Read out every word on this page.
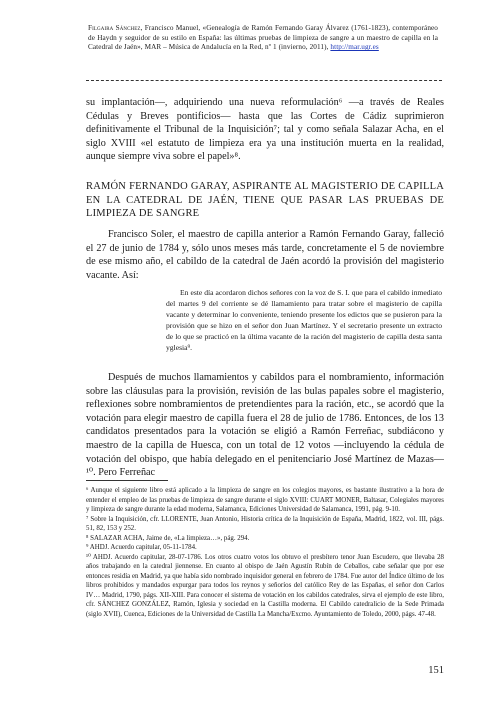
Filgaira Sánchez, Francisco Manuel, «Genealogía de Ramón Fernando Garay Álvarez (1761-1823), contemporáneo de Haydn y seguidor de su estilo en España: las últimas pruebas de limpieza de sangre a un maestro de capilla en la Catedral de Jaén», MAR – Música de Andalucía en la Red, nº 1 (invierno, 2011), http://mar.ugr.es
su implantación—, adquiriendo una nueva reformulación⁶ —a través de Reales Cédulas y Breves pontificios— hasta que las Cortes de Cádiz suprimieron definitivamente el Tribunal de la Inquisición⁷; tal y como señala Salazar Acha, en el siglo XVIII «el estatuto de limpieza era ya una institución muerta en la realidad, aunque siempre viva sobre el papel»⁸.
RAMÓN FERNANDO GARAY, ASPIRANTE AL MAGISTERIO DE CAPILLA EN LA CATEDRAL DE JAÉN, TIENE QUE PASAR LAS PRUEBAS DE LIMPIEZA DE SANGRE
Francisco Soler, el maestro de capilla anterior a Ramón Fernando Garay, falleció el 27 de junio de 1784 y, sólo unos meses más tarde, concretamente el 5 de noviembre de ese mismo año, el cabildo de la catedral de Jaén acordó la provisión del magisterio vacante. Así:
En este día acordaron dichos señores con la voz de S. I. que para el cabildo inmediato del martes 9 del corriente se dé llamamiento para tratar sobre el magisterio de capilla vacante y determinar lo conveniente, teniendo presente los edictos que se pusieron para la provisión que se hizo en el señor don Juan Martínez. Y el secretario presente un extracto de lo que se practicó en la última vacante de la ración del magisterio de capilla desta santa yglesia⁹.
Después de muchos llamamientos y cabildos para el nombramiento, información sobre las cláusulas para la provisión, revisión de las bulas papales sobre el magisterio, reflexiones sobre nombramientos de pretendientes para la ración, etc., se acordó que la votación para elegir maestro de capilla fuera el 28 de julio de 1786. Entonces, de los 13 candidatos presentados para la votación se eligió a Ramón Ferreñac, subdiácono y maestro de la capilla de Huesca, con un total de 12 votos —incluyendo la cédula de votación del obispo, que había delegado en el penitenciario José Martínez de Mazas—¹⁰. Pero Ferreñac

⁶ Aunque el siguiente libro está aplicado a la limpieza de sangre en los colegios mayores, es bastante ilustrativo a la hora de entender el empleo de las pruebas de limpieza de sangre durante el siglo XVIII: CUART MONER, Baltasar, Colegiales mayores y limpieza de sangre durante la edad moderna, Salamanca, Ediciones Universidad de Salamanca, 1991, pág. 9-10.

⁷ Sobre la Inquisición, cfr. LLORENTE, Juan Antonio, Historia crítica de la Inquisición de España, Madrid, 1822, vol. III, págs. 51, 82, 153 y 252.

⁸ SALAZAR ACHA, Jaime de, «La limpieza…», pág. 294.

⁹ AHDJ. Acuerdo capitular, 05-11-1784.

¹⁰ AHDJ. Acuerdo capitular, 28-07-1786. Los otros cuatro votos los obtuvo el presbítero tenor Juan Escudero, que llevaba 28 años trabajando en la catedral jiennense. En cuanto al obispo de Jaén Agustín Rubín de Ceballos, cabe señalar que por ese entonces residía en Madrid, ya que había sido nombrado inquisidor general en febrero de 1784. Fue autor del Índice último de los libros prohibidos y mandados expurgar para todos los reynos y señoríos del católico Rey de las Españas, el señor don Carlos IV… Madrid, 1790, págs. XII-XIII. Para conocer el sistema de votación en los cabildos catedrales, sirva el ejemplo de este libro, cfr. SÁNCHEZ GONZÁLEZ, Ramón, Iglesia y sociedad en la Castilla moderna. El Cabildo catedralicio de la Sede Primada (siglo XVII), Cuenca, Ediciones de la Universidad de Castilla La Mancha/Excmo. Ayuntamiento de Toledo, 2000, págs. 47-48.

151
